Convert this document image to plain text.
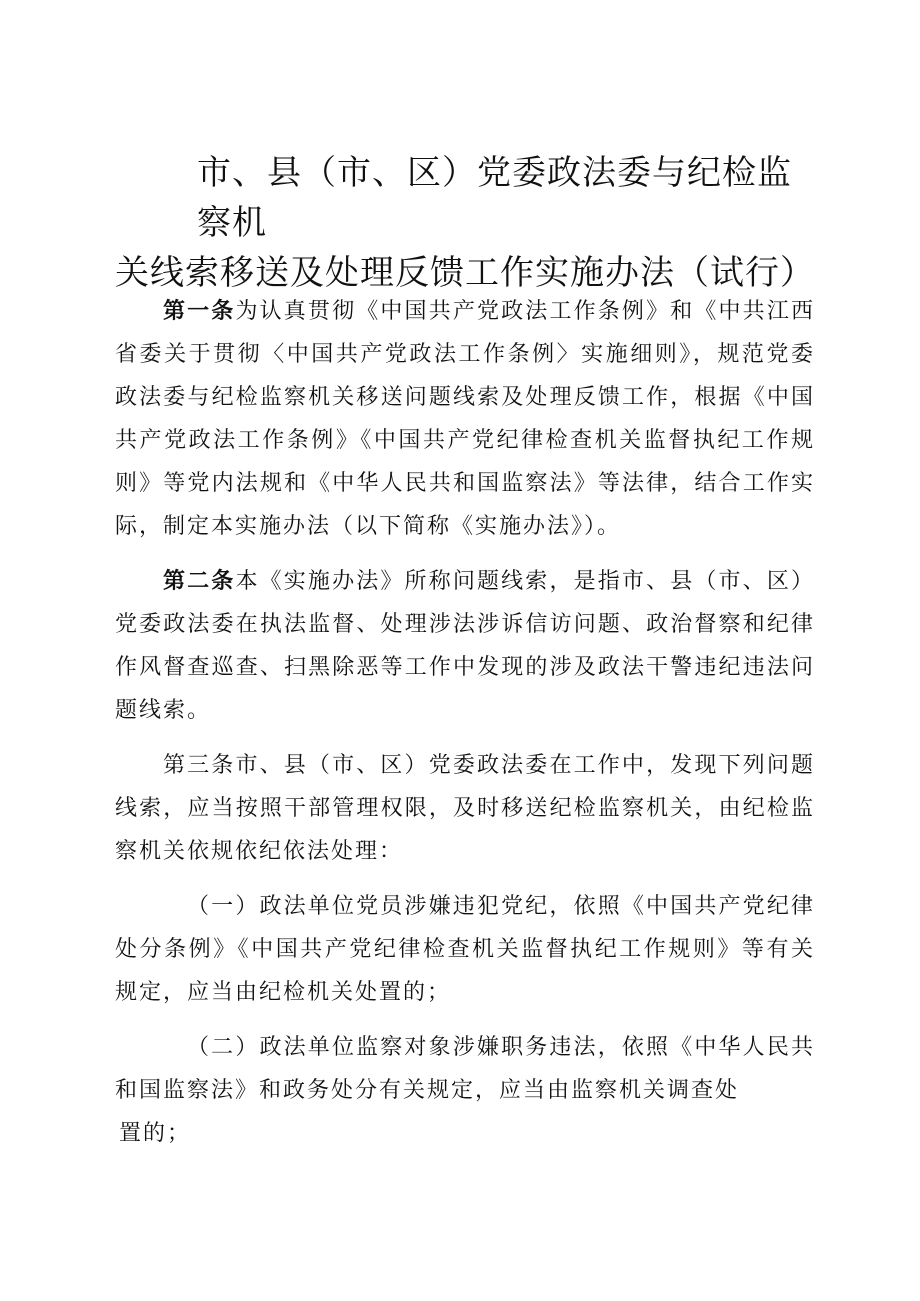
市、县（市、区）党委政法委与纪检监察机
关线索移送及处理反馈工作实施办法（试行）

第一条为认真贯彻《中国共产党政法工作条例》和《中共江西省委关于贯彻〈中国共产党政法工作条例〉实施细则》，规范党委政法委与纪检监察机关移送问题线索及处理反馈工作，根据《中国共产党政法工作条例》《中国共产党纪律检查机关监督执纪工作规则》等党内法规和《中华人民共和国监察法》等法律，结合工作实际，制定本实施办法（以下简称《实施办法》）。

第二条本《实施办法》所称问题线索，是指市、县（市、区）党委政法委在执法监督、处理涉法涉诉信访问题、政治督察和纪律作风督查巡查、扫黑除恶等工作中发现的涉及政法干警违纪违法问题线索。

第三条市、县（市、区）党委政法委在工作中，发现下列问题线索，应当按照干部管理权限，及时移送纪检监察机关，由纪检监察机关依规依纪依法处理：

（一）政法单位党员涉嫌违犯党纪，依照《中国共产党纪律处分条例》《中国共产党纪律检查机关监督执纪工作规则》等有关规定，应当由纪检机关处置的；

（二）政法单位监察对象涉嫌职务违法，依照《中华人民共和国监察法》和政务处分有关规定，应当由监察机关调查处
置的；
